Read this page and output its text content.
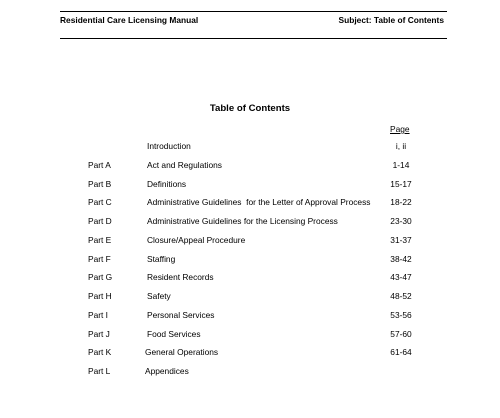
Residential Care Licensing Manual	Subject: Table of Contents
Table of Contents
Page
Introduction	i, ii
Part A	Act and Regulations	1-14
Part B	Definitions	15-17
Part C	Administrative Guidelines  for the Letter of Approval Process	18-22
Part D	Administrative Guidelines for the Licensing Process	23-30
Part E	Closure/Appeal Procedure	31-37
Part F	Staffing	38-42
Part G	Resident Records	43-47
Part H	Safety	48-52
Part I	Personal Services	53-56
Part J	Food Services	57-60
Part K	General Operations	61-64
Part L	Appendices
